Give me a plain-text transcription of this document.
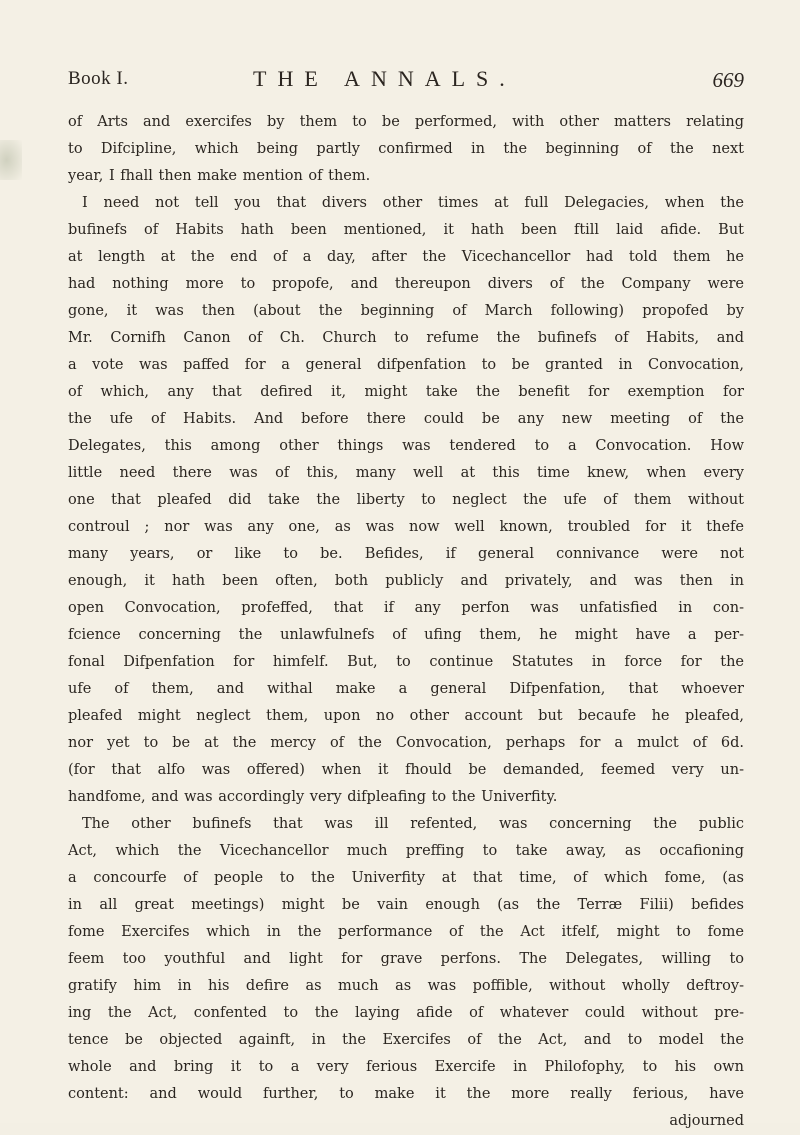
Book I.	THE ANNALS.	669
of Arts and exercifes by them to be performed, with other matters relating
to Difcipline, which being partly confirmed in the beginning of the next
year, I fhall then make mention of them.
I need not tell you that divers other times at full Delegacies, when the
bufinefs of Habits hath been mentioned, it hath been ftill laid afide. But
at length at the end of a day, after the Vicechancellor had told them he
had nothing more to propofe, and thereupon divers of the Company were
gone, it was then (about the beginning of March following) propofed by
Mr. Cornifh Canon of Ch. Church to refume the bufinefs of Habits, and
a vote was paffed for a general difpenfation to be granted in Convocation,
of which, any that defired it, might take the benefit for exemption for
the ufe of Habits. And before there could be any new meeting of the
Delegates, this among other things was tendered to a Convocation. How
little need there was of this, many well at this time knew, when every
one that pleafed did take the liberty to neglect the ufe of them without
controul ; nor was any one, as was now well known, troubled for it thefe
many years, or like to be. Befides, if general connivance were not
enough, it hath been often, both publicly and privately, and was then in
open Convocation, profeffed, that if any perfon was unfatisfied in con-
fcience concerning the unlawfulnefs of ufing them, he might have a per-
fonal Difpenfation for himfelf. But, to continue Statutes in force for the
ufe of them, and withal make a general Difpenfation, that whoever
pleafed might neglect them, upon no other account but becaufe he pleafed,
nor yet to be at the mercy of the Convocation, perhaps for a mulct of 6d.
(for that alfo was offered) when it fhould be demanded, feemed very un-
handfome, and was accordingly very difpleafing to the Univerfity.
The other bufinefs that was ill refented, was concerning the public
Act, which the Vicechancellor much preffing to take away, as occafioning
a concourfe of people to the Univerfity at that time, of which fome, (as
in all great meetings) might be vain enough (as the Terræ Filii) befides
fome Exercifes which in the performance of the Act itfelf, might to fome
feem too youthful and light for grave perfons. The Delegates, willing to
gratify him in his defire as much as was poffible, without wholly deftroy-
ing the Act, confented to the laying afide of whatever could without pre-
tence be objected againft, in the Exercifes of the Act, and to model the
whole and bring it to a very ferious Exercife in Philofophy, to his own
content: and would further, to make it the more really ferious, have
adjourned
